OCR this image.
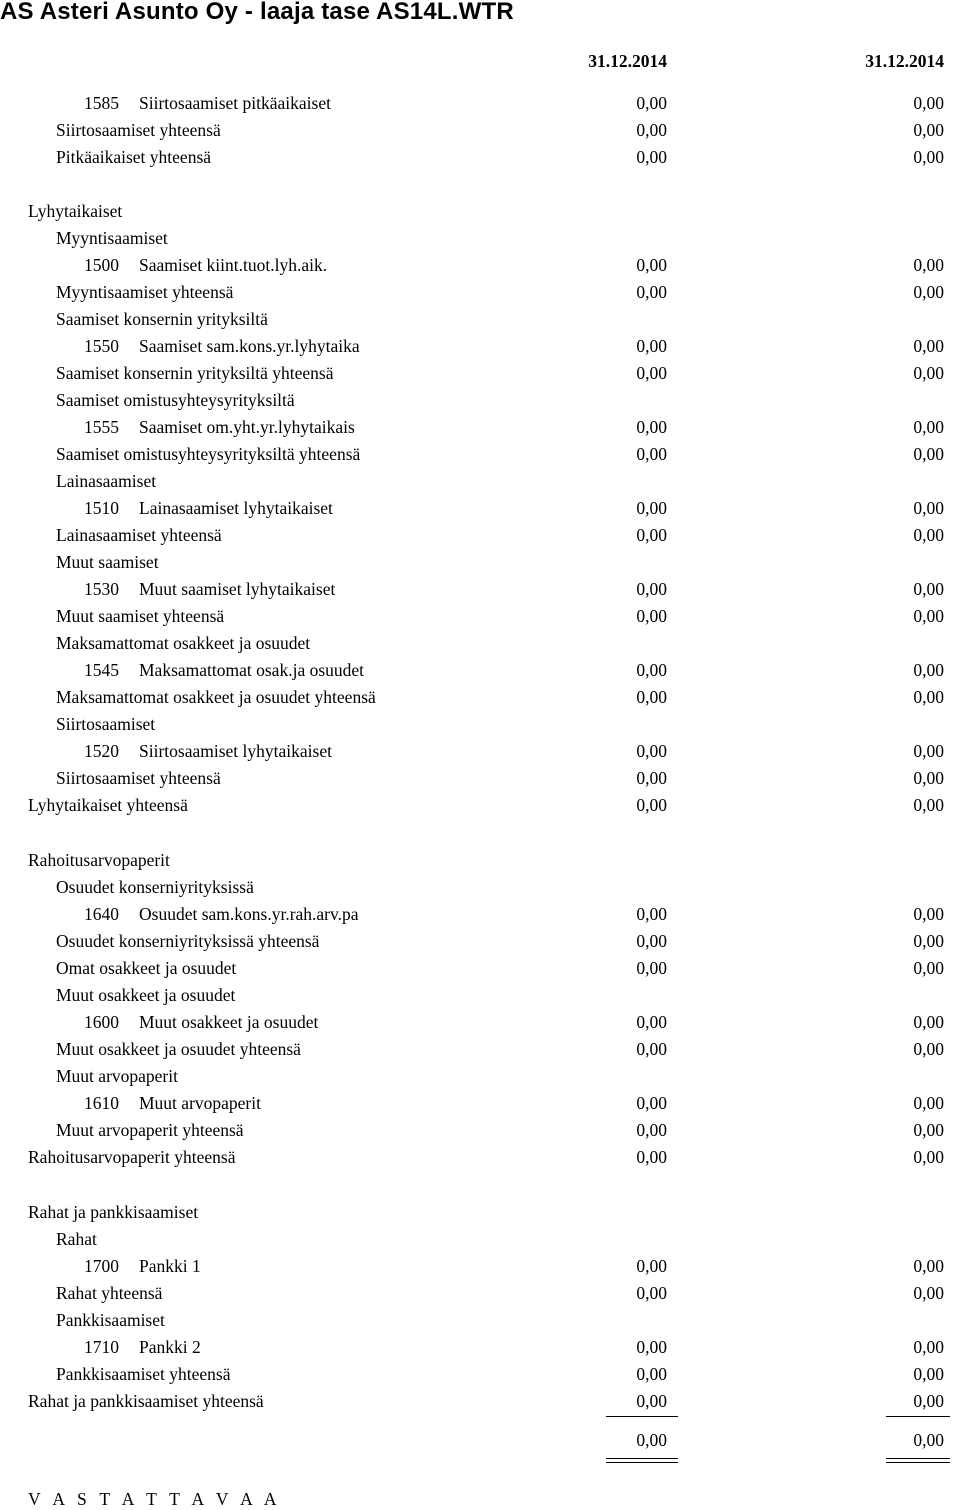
AS Asteri Asunto Oy - laaja tase AS14L.WTR
31.12.2014	31.12.2014
1585 Siirtosaamiset pitkäaikaiset	0,00	0,00
Siirtosaamiset yhteensä	0,00	0,00
Pitkäaikaiset yhteensä	0,00	0,00
Lyhytaikaiset
Myyntisaamiset
1500 Saamiset kiint.tuot.lyh.aik.	0,00	0,00
Myyntisaamiset yhteensä	0,00	0,00
Saamiset konsernin yrityksiltä
1550 Saamiset sam.kons.yr.lyhytaika	0,00	0,00
Saamiset konsernin yrityksiltä yhteensä	0,00	0,00
Saamiset omistusyhteysyrityksiltä
1555 Saamiset om.yht.yr.lyhytaikais	0,00	0,00
Saamiset omistusyhteysyrityksiltä yhteensä	0,00	0,00
Lainasaamiset
1510 Lainasaamiset lyhytaikaiset	0,00	0,00
Lainasaamiset yhteensä	0,00	0,00
Muut saamiset
1530 Muut saamiset lyhytaikaiset	0,00	0,00
Muut saamiset yhteensä	0,00	0,00
Maksamattomat osakkeet ja osuudet
1545 Maksamattomat osak.ja osuudet	0,00	0,00
Maksamattomat osakkeet ja osuudet yhteensä	0,00	0,00
Siirtosaamiset
1520 Siirtosaamiset lyhytaikaiset	0,00	0,00
Siirtosaamiset yhteensä	0,00	0,00
Lyhytaikaiset yhteensä	0,00	0,00
Rahoitusarvopaperit
Osuudet konserniyrityksissä
1640 Osuudet sam.kons.yr.rah.arv.pa	0,00	0,00
Osuudet konserniyrityksissä yhteensä	0,00	0,00
Omat osakkeet ja osuudet	0,00	0,00
Muut osakkeet ja osuudet
1600 Muut osakkeet ja osuudet	0,00	0,00
Muut osakkeet ja osuudet yhteensä	0,00	0,00
Muut arvopaperit
1610 Muut arvopaperit	0,00	0,00
Muut arvopaperit yhteensä	0,00	0,00
Rahoitusarvopaperit yhteensä	0,00	0,00
Rahat ja pankkisaamiset
Rahat
1700 Pankki 1	0,00	0,00
Rahat yhteensä	0,00	0,00
Pankkisaamiset
1710 Pankki 2	0,00	0,00
Pankkisaamiset yhteensä	0,00	0,00
Rahat ja pankkisaamiset yhteensä	0,00	0,00
0,00	0,00
V A S T A T T A V A A
